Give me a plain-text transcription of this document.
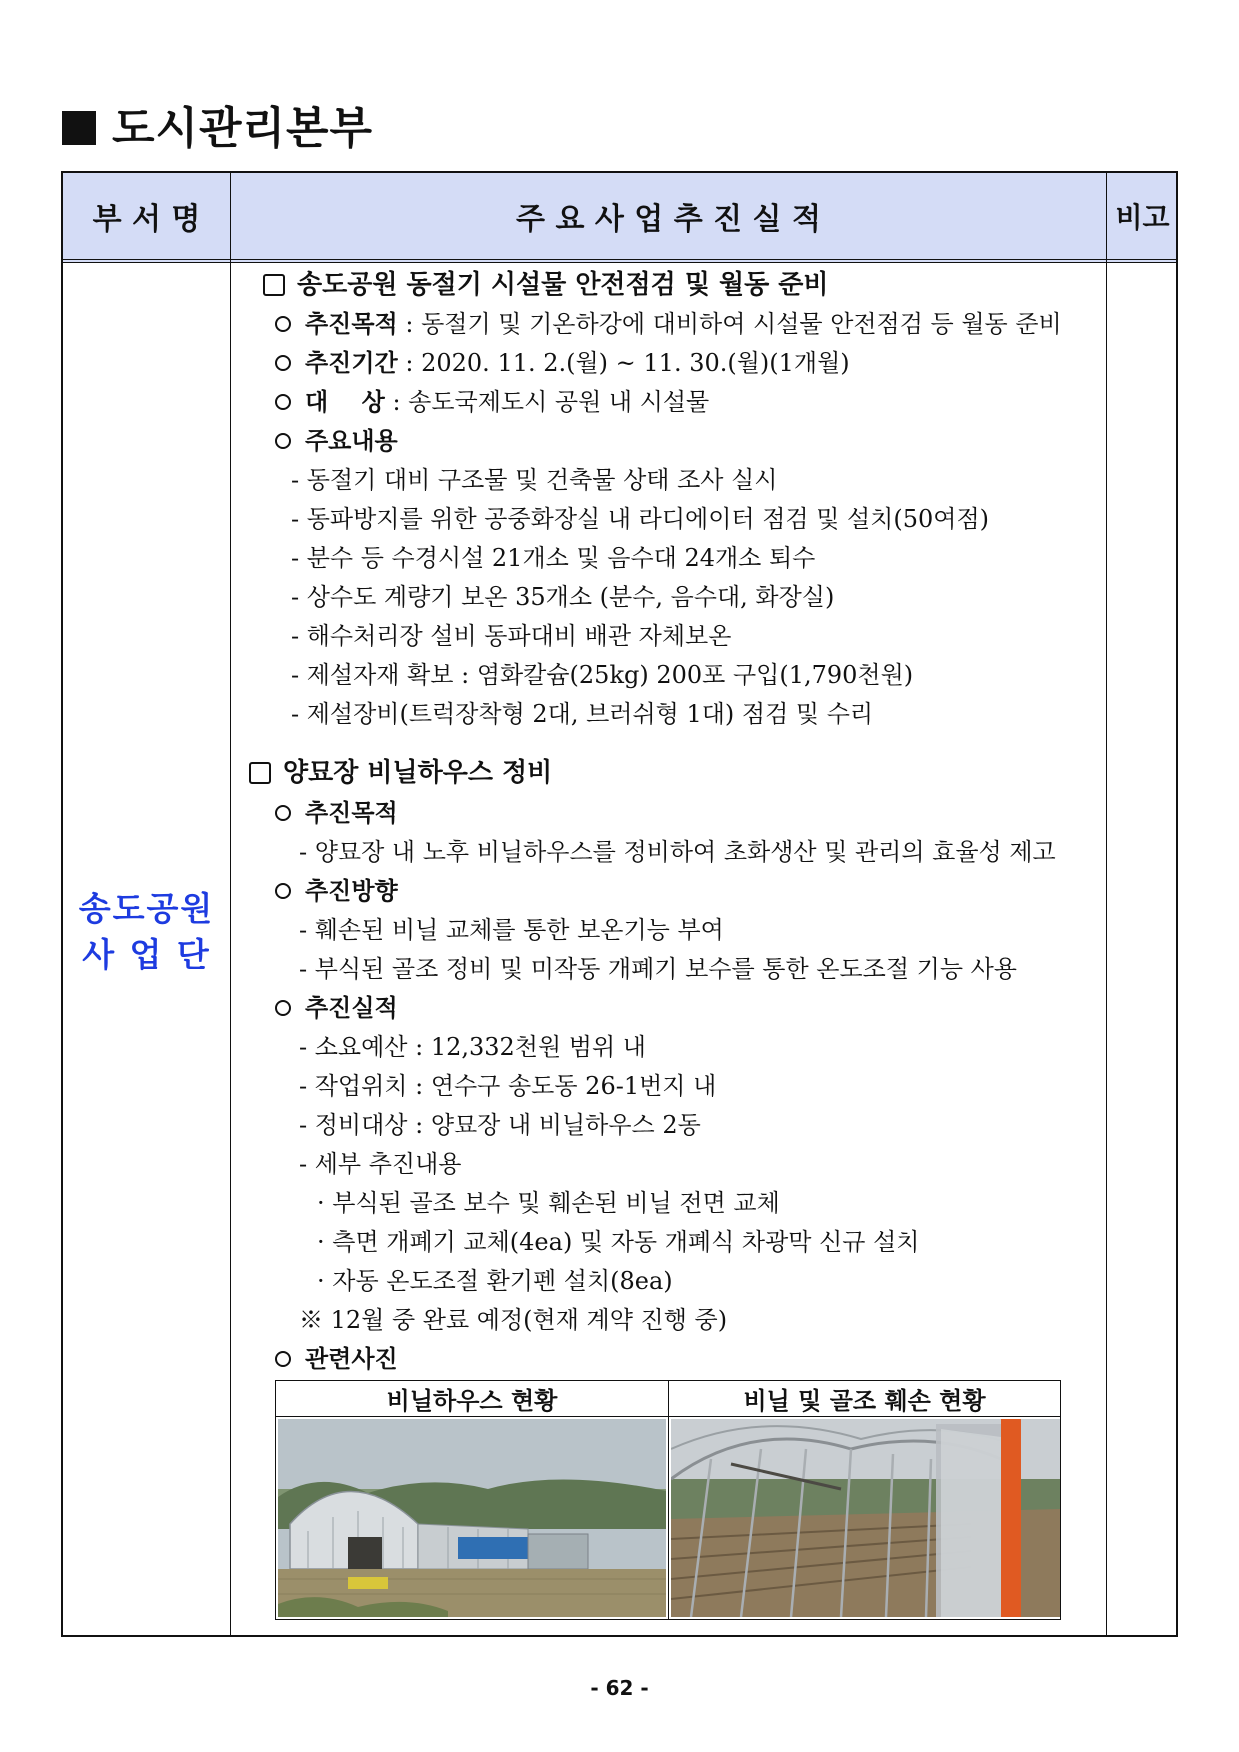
도시관리본부
부 서 명	주 요 사 업 추 진 실 적	비고
송도공원
사 업 단
송도공원 동절기 시설물 안전점검 및 월동 준비
추진목적 : 동절기 및 기온하강에 대비하여 시설물 안전점검 등 월동 준비
추진기간 : 2020. 11. 2.(월) ~ 11. 30.(월)(1개월)
대    상 : 송도국제도시 공원 내 시설물
주요내용
- 동절기 대비 구조물 및 건축물 상태 조사 실시
- 동파방지를 위한 공중화장실 내 라디에이터 점검 및 설치(50여점)
- 분수 등 수경시설 21개소 및 음수대 24개소 퇴수
- 상수도 계량기 보온 35개소 (분수, 음수대, 화장실)
- 해수처리장 설비 동파대비 배관 자체보온
- 제설자재 확보 : 염화칼슘(25kg) 200포 구입(1,790천원)
- 제설장비(트럭장착형 2대, 브러쉬형 1대) 점검 및 수리
양묘장 비닐하우스 정비
추진목적
- 양묘장 내 노후 비닐하우스를 정비하여 초화생산 및 관리의 효율성 제고
추진방향
- 훼손된 비닐 교체를 통한 보온기능 부여
- 부식된 골조 정비 및 미작동 개폐기 보수를 통한 온도조절 기능 사용
추진실적
- 소요예산 : 12,332천원 범위 내
- 작업위치 : 연수구 송도동 26-1번지 내
- 정비대상 : 양묘장 내 비닐하우스 2동
- 세부 추진내용
· 부식된 골조 보수 및 훼손된 비닐 전면 교체
· 측면 개폐기 교체(4ea) 및 자동 개폐식 차광막 신규 설치
· 자동 온도조절 환기펜 설치(8ea)
※ 12월 중 완료 예정(현재 계약 진행 중)
관련사진
비닐하우스 현황	비닐 및 골조 훼손 현황
- 62 -
